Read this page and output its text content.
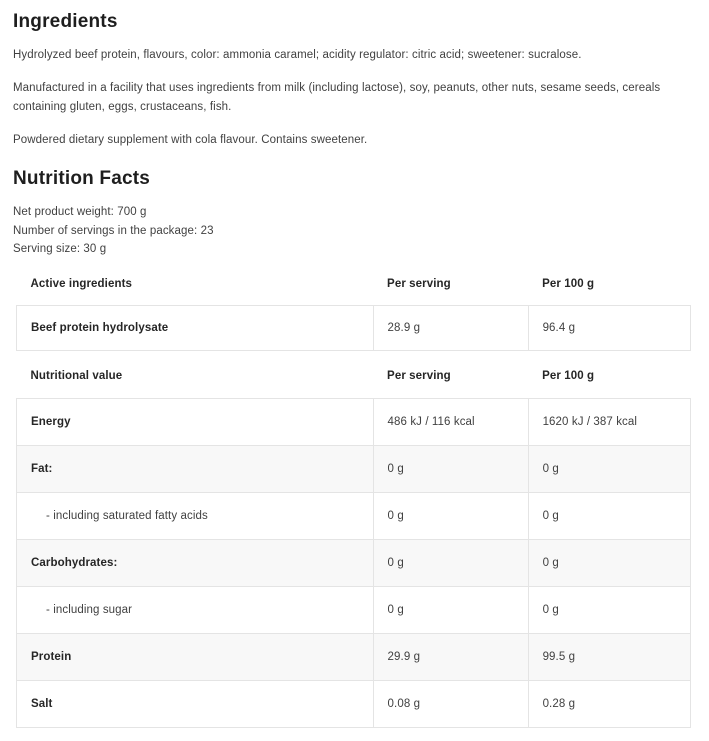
Ingredients

Hydrolyzed beef protein, flavours, color: ammonia caramel; acidity regulator: citric acid; sweetener: sucralose.

Manufactured in a facility that uses ingredients from milk (including lactose), soy, peanuts, other nuts, sesame seeds, cereals containing gluten, eggs, crustaceans, fish.

Powdered dietary supplement with cola flavour. Contains sweetener.

Nutrition Facts
Net product weight: 700 g
Number of servings in the package: 23
Serving size: 30 g
Active ingredients	Per serving	Per 100 g
Beef protein hydrolysate	28.9 g	96.4 g
Nutritional value	Per serving	Per 100 g
Energy	486 kJ / 116 kcal	1620 kJ / 387 kcal
Fat:	0 g	0 g
- including saturated fatty acids	0 g	0 g
Carbohydrates:	0 g	0 g
- including sugar	0 g	0 g
Protein	29.9 g	99.5 g
Salt	0.08 g	0.28 g
